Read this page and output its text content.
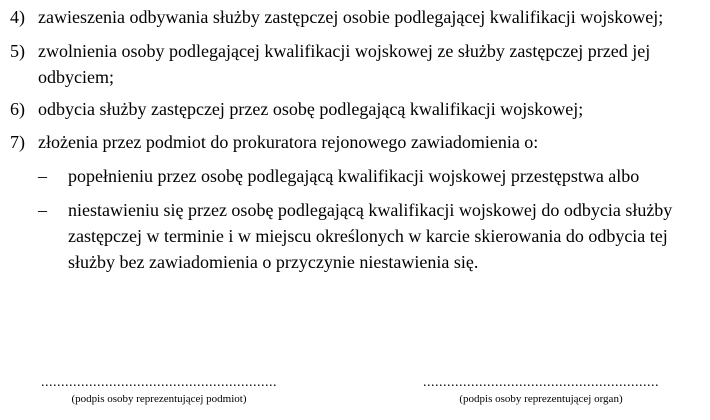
4) zawieszenia odbywania służby zastępczej osobie podlegającej kwalifikacji wojskowej;
5) zwolnienia osoby podlegającej kwalifikacji wojskowej ze służby zastępczej przed jej odbyciem;
6) odbycia służby zastępczej przez osobę podlegającą kwalifikacji wojskowej;
7) złożenia przez podmiot do prokuratora rejonowego zawiadomienia o:
– popełnieniu przez osobę podlegającą kwalifikacji wojskowej przestępstwa albo
– niestawieniu się przez osobę podlegającą kwalifikacji wojskowej do odbycia służby zastępczej w terminie i w miejscu określonych w karcie skierowania do odbycia tej służby bez zawiadomienia o przyczynie niestawienia się.
...........................................................
(podpis osoby reprezentującej podmiot)
...........................................................
(podpis osoby reprezentującej organ)
